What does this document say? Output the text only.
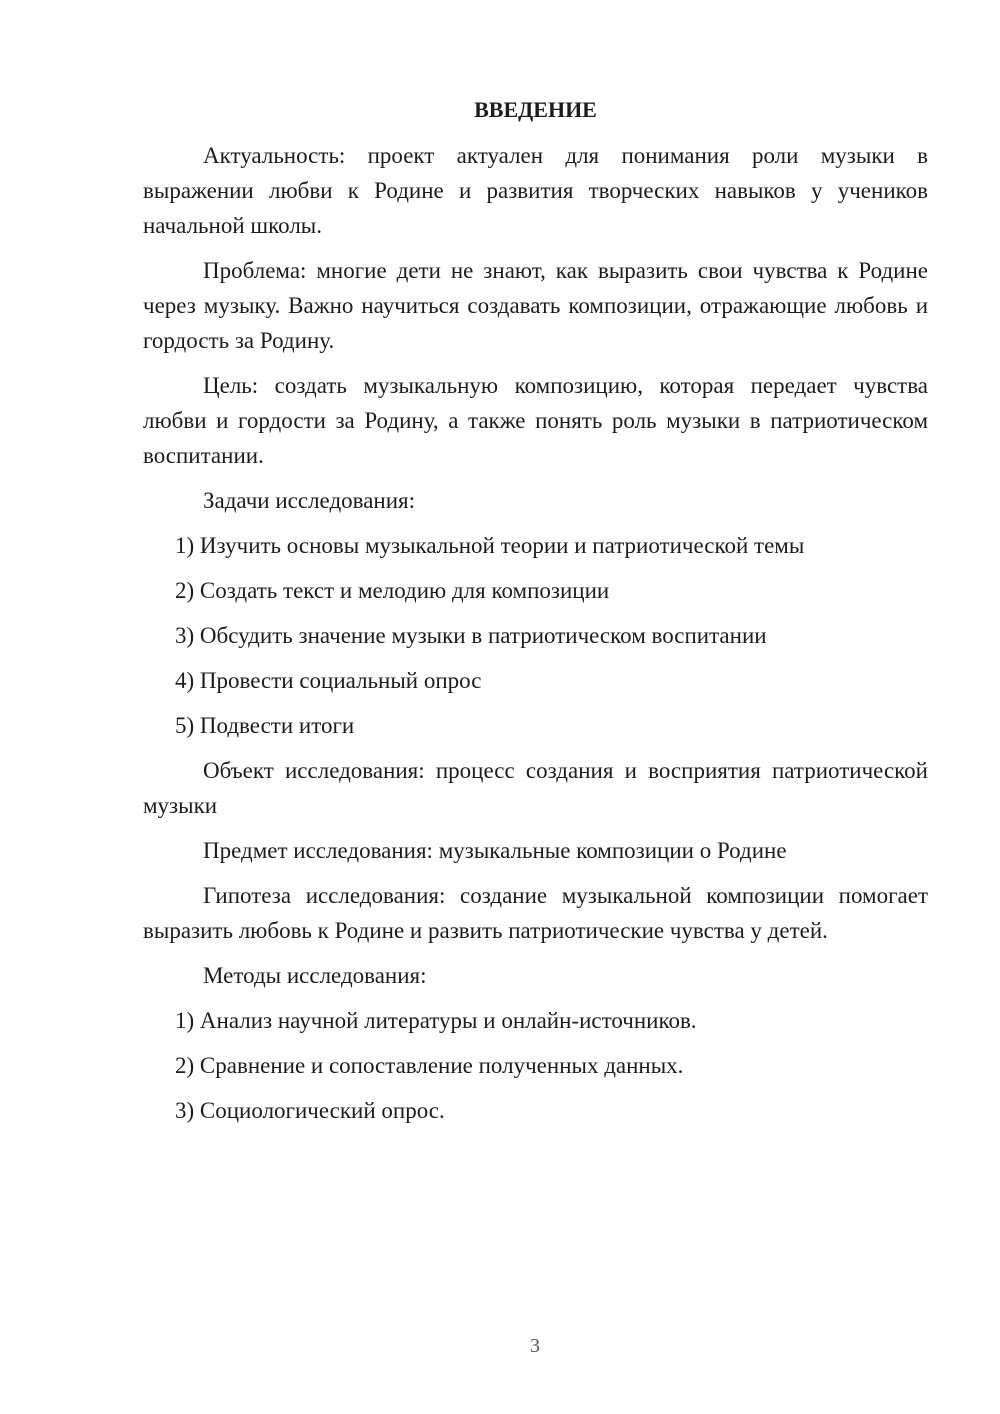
ВВЕДЕНИЕ

Актуальность: проект актуален для понимания роли музыки в выражении любви к Родине и развития творческих навыков у учеников начальной школы.

Проблема: многие дети не знают, как выразить свои чувства к Родине через музыку. Важно научиться создавать композиции, отражающие любовь и гордость за Родину.

Цель: создать музыкальную композицию, которая передает чувства любви и гордости за Родину, а также понять роль музыки в патриотическом воспитании.

Задачи исследования:

1) Изучить основы музыкальной теории и патриотической темы

2) Создать текст и мелодию для композиции

3) Обсудить значение музыки в патриотическом воспитании

4) Провести социальный опрос

5) Подвести итоги

Объект исследования: процесс создания и восприятия патриотической музыки

Предмет исследования: музыкальные композиции о Родине

Гипотеза исследования: создание музыкальной композиции помогает выразить любовь к Родине и развить патриотические чувства у детей.

Методы исследования:

1) Анализ научной литературы и онлайн-источников.

2) Сравнение и сопоставление полученных данных.

3) Социологический опрос.

3
